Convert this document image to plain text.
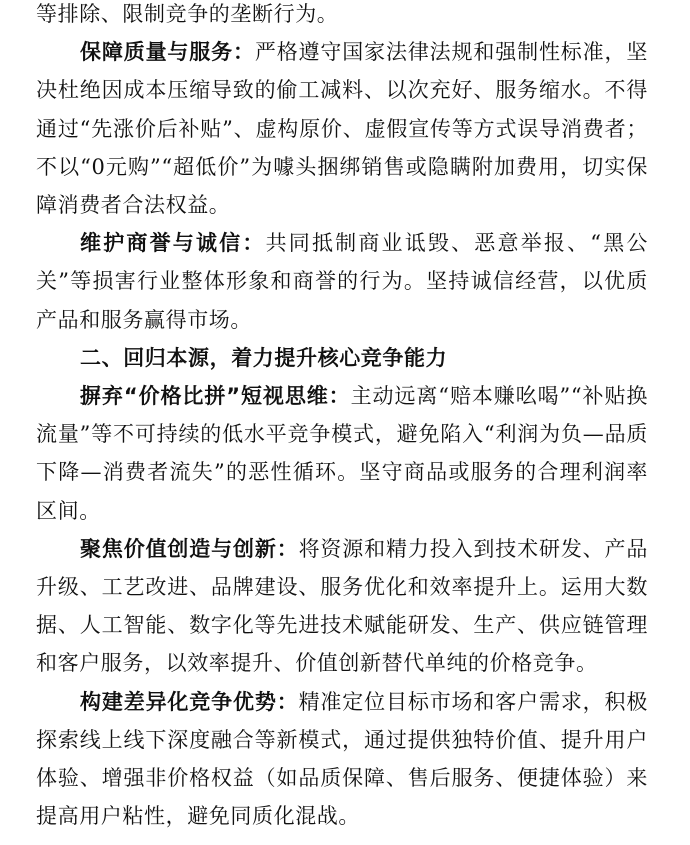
等排除、限制竞争的垄断行为。

保障质量与服务：严格遵守国家法律法规和强制性标准，坚决杜绝因成本压缩导致的偷工减料、以次充好、服务缩水。不得通过“先涨价后补贴”、虚构原价、虚假宣传等方式误导消费者；不以“0元购”“超低价”为噱头捆绑销售或隐瞒附加费用，切实保障消费者合法权益。

维护商誉与诚信：共同抵制商业诋毁、恶意举报、“黑公关”等损害行业整体形象和商誉的行为。坚持诚信经营，以优质产品和服务赢得市场。

二、回归本源，着力提升核心竞争能力

摒弃“价格比拼”短视思维：主动远离“赔本赚吆喝”“补贴换流量”等不可持续的低水平竞争模式，避免陷入“利润为负—品质下降—消费者流失”的恶性循环。坚守商品或服务的合理利润率区间。

聚焦价值创造与创新：将资源和精力投入到技术研发、产品升级、工艺改进、品牌建设、服务优化和效率提升上。运用大数据、人工智能、数字化等先进技术赋能研发、生产、供应链管理和客户服务，以效率提升、价值创新替代单纯的价格竞争。

构建差异化竞争优势：精准定位目标市场和客户需求，积极探索线上线下深度融合等新模式，通过提供独特价值、提升用户体验、增强非价格权益（如品质保障、售后服务、便捷体验）来提高用户粘性，避免同质化混战。
